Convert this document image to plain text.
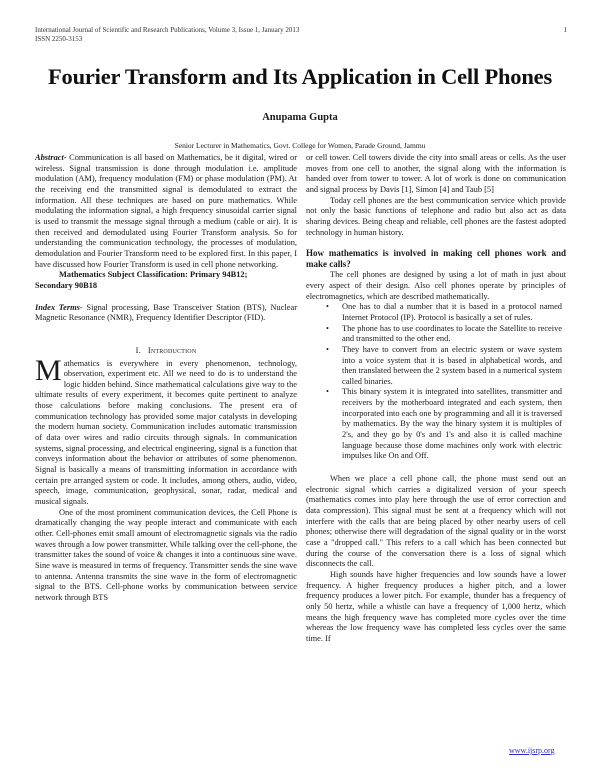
International Journal of Scientific and Research Publications, Volume 3, Issue 1, January 2013
ISSN 2250-3153
1
Fourier Transform and Its Application in Cell Phones
Anupama Gupta
Senior Lecturer in Mathematics, Govt. College for Women, Parade Ground, Jammu

Abstract- Communication is all based on Mathematics, be it digital, wired or wireless. Signal transmission is done through modulation i.e. amplitude modulation (AM), frequency modulation (FM) or phase modulation (PM). At the receiving end the transmitted signal is demodulated to extract the information. All these techniques are based on pure mathematics. While modulating the information signal, a high frequency sinusoidal carrier signal is used to transmit the message signal through a medium (cable or air). It is then received and demodulated using Fourier Transform analysis. So for understanding the communication technology, the processes of modulation, demodulation and Fourier Transform need to be explored first. In this paper, I have discussed how Fourier Transform is used in cell phone networking.

Mathematics Subject Classification: Primary 94B12;
Secondary 90B18

Index Terms- Signal processing, Base Transceiver Station (BTS), Nuclear Magnetic Resonance (NMR), Frequency Identifier Descriptor (FID).

I. Introduction

Mathematics is everywhere in every phenomenon, technology, observation, experiment etc. All we need to do is to understand the logic hidden behind. Since mathematical calculations give way to the ultimate results of every experiment, it becomes quite pertinent to analyze those calculations before making conclusions. The present era of communication technology has provided some major catalysts in developing the modern human society. Communication includes automatic transmission of data over wires and radio circuits through signals. In communication systems, signal processing, and electrical engineering, signal is a function that conveys information about the behavior or attributes of some phenomenon. Signal is basically a means of transmitting information in accordance with certain pre arranged system or code. It includes, among others, audio, video, speech, image, communication, geophysical, sonar, radar, medical and musical signals.

One of the most prominent communication devices, the Cell Phone is dramatically changing the way people interact and communicate with each other. Cell-phones emit small amount of electromagnetic signals via the radio waves through a low power transmitter. While talking over the cell-phone, the transmitter takes the sound of voice & changes it into a continuous sine wave. Sine wave is measured in terms of frequency. Transmitter sends the sine wave to antenna. Antenna transmits the sine wave in the form of electromagnetic signal to the BTS. Cell-phone works by communication between service network through BTS

or cell tower. Cell towers divide the city into small areas or cells. As the user moves from one cell to another, the signal along with the information is handed over from tower to tower. A lot of work is done on communication and signal process by Davis [1], Simon [4] and Taub [5]

Today cell phones are the best communication service which provide not only the basic functions of telephone and radio but also act as data sharing devices. Being cheap and reliable, cell phones are the fastest adopted technology in human history.

How mathematics is involved in making cell phones work and make calls?

The cell phones are designed by using a lot of math in just about every aspect of their design. Also cell phones operate by principles of electromagnetics, which are described mathematically.

• One has to dial a number that it is based in a protocol named Internet Protocol (IP). Protocol is basically a set of rules.
• The phone has to use coordinates to locate the Satellite to receive and transmitted to the other end.
• They have to convert from an electric system or wave system into a voice system that it is based in alphabetical words, and then translated between the 2 system based in a numerical system called binaries.
• This binary system it is integrated into satellites, transmitter and receivers by the motherboard integrated and each system, then incorporated into each one by programming and all it is traversed by mathematics. By the way the binary system it is multiples of 2's, and they go by 0's and 1's and also it is called machine language because those dome machines only work with electric impulses like On and Off.

When we place a cell phone call, the phone must send out an electronic signal which carries a digitalized version of your speech (mathematics comes into play here through the use of error correction and data compression). This signal must be sent at a frequency which will not interfere with the calls that are being placed by other nearby users of cell phones; otherwise there will degradation of the signal quality or in the worst case a "dropped call." This refers to a call which has been connected but during the course of the conversation there is a loss of signal which disconnects the call.

High sounds have higher frequencies and low sounds have a lower frequency. A higher frequency produces a higher pitch, and a lower frequency produces a lower pitch. For example, thunder has a frequency of only 50 hertz, while a whistle can have a frequency of 1,000 hertz, which means the high frequency wave has completed more cycles over the time whereas the low frequency wave has completed less cycles over the same time. If

www.ijsrp.org
